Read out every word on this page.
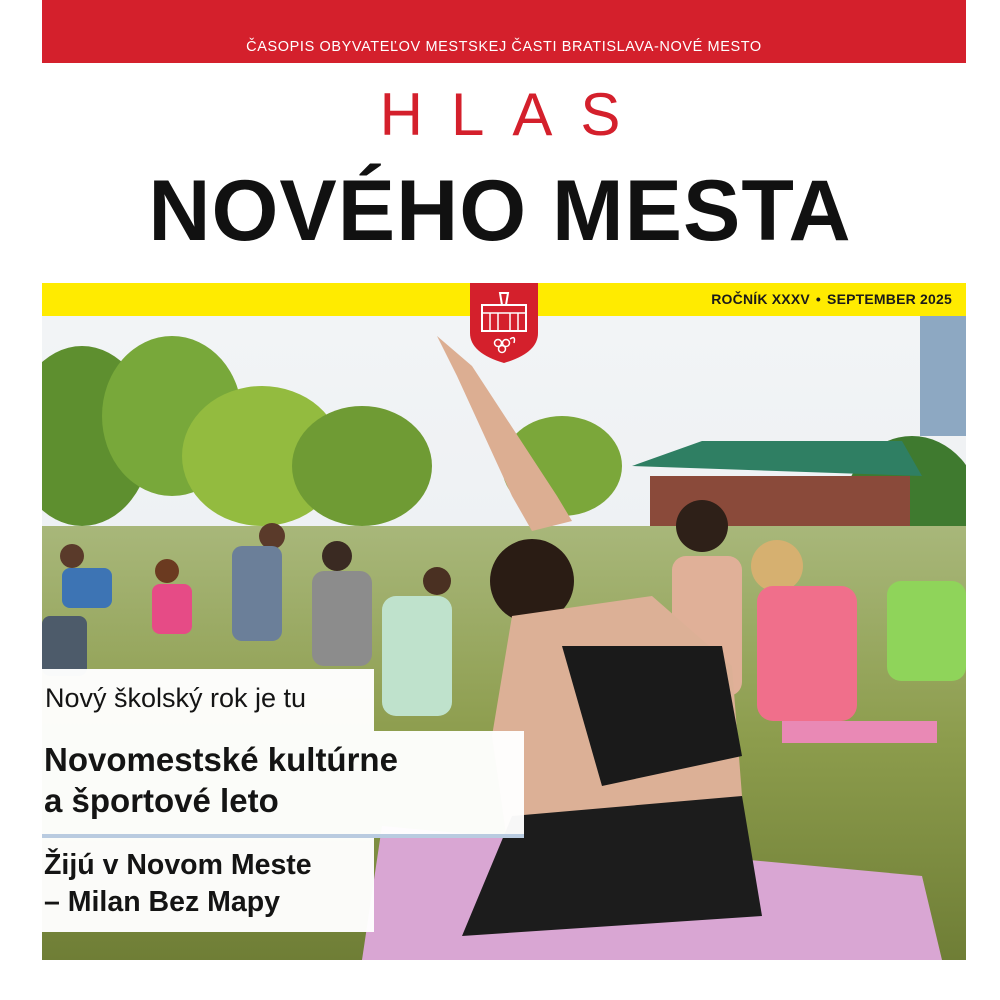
ČASOPIS OBYVATEĽOV MESTSKEJ ČASTI BRATISLAVA-NOVÉ MESTO
HLAS
NOVÉHO MESTA
ROČNÍK XXXV • SEPTEMBER 2025
Nový školský rok je tu
Novomestské kultúrne
a športové leto
Žijú v Novom Meste
– Milan Bez Mapy
